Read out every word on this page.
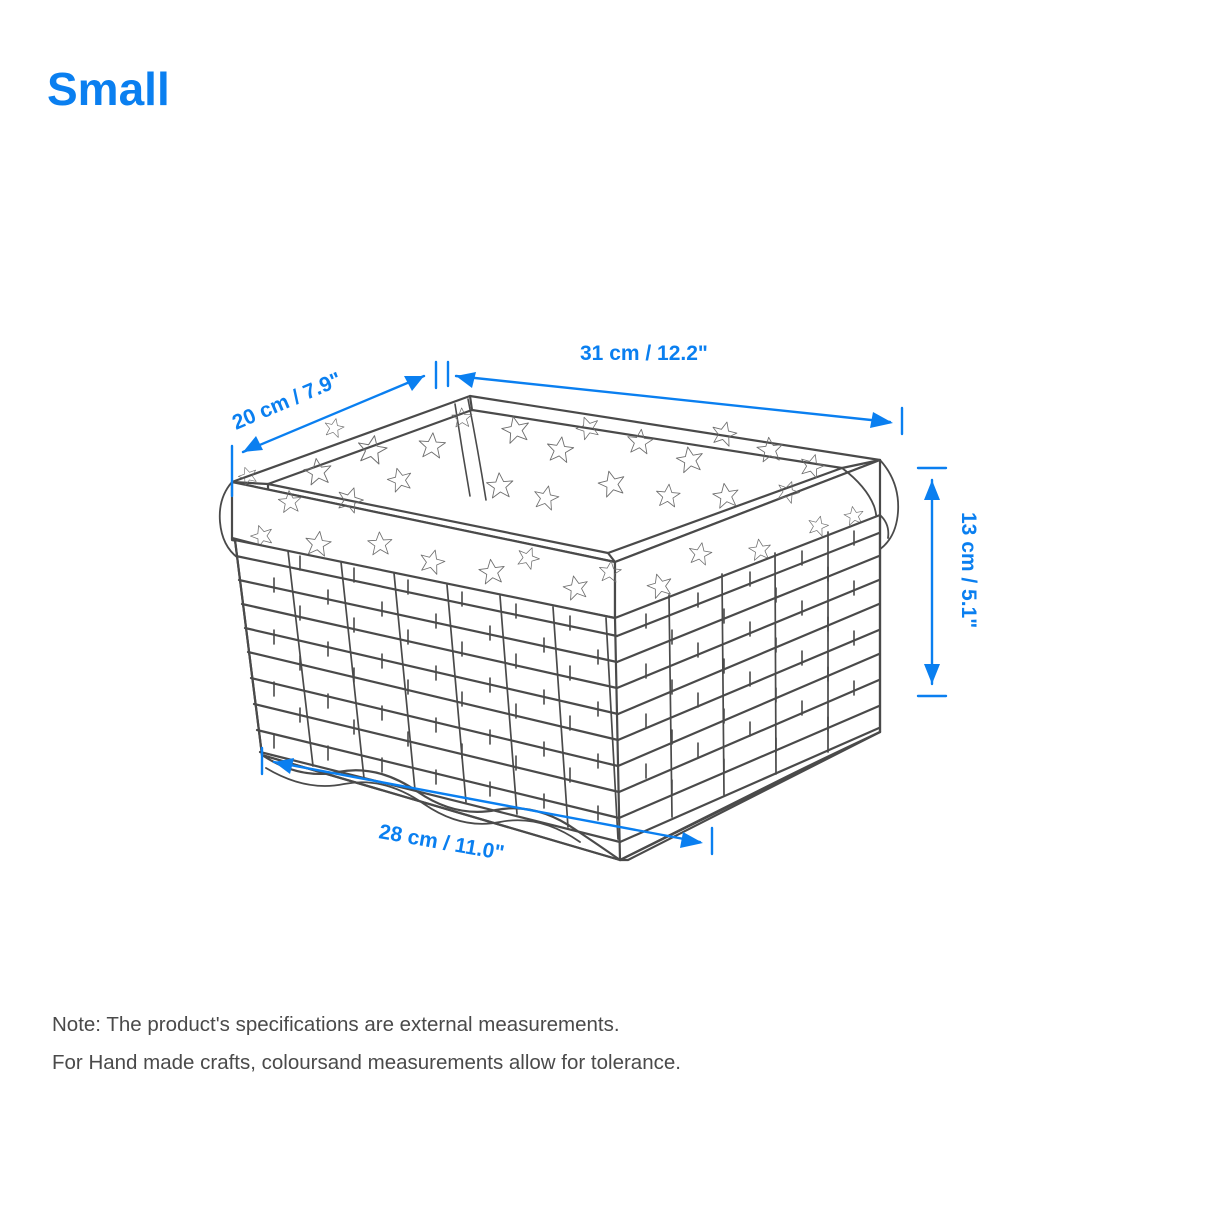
Small
31 cm / 12.2"
20 cm / 7.9"
13 cm / 5.1"
28 cm / 11.0"
Note: The product's specifications are external measurements.
For Hand made crafts, coloursand measurements allow for tolerance.
